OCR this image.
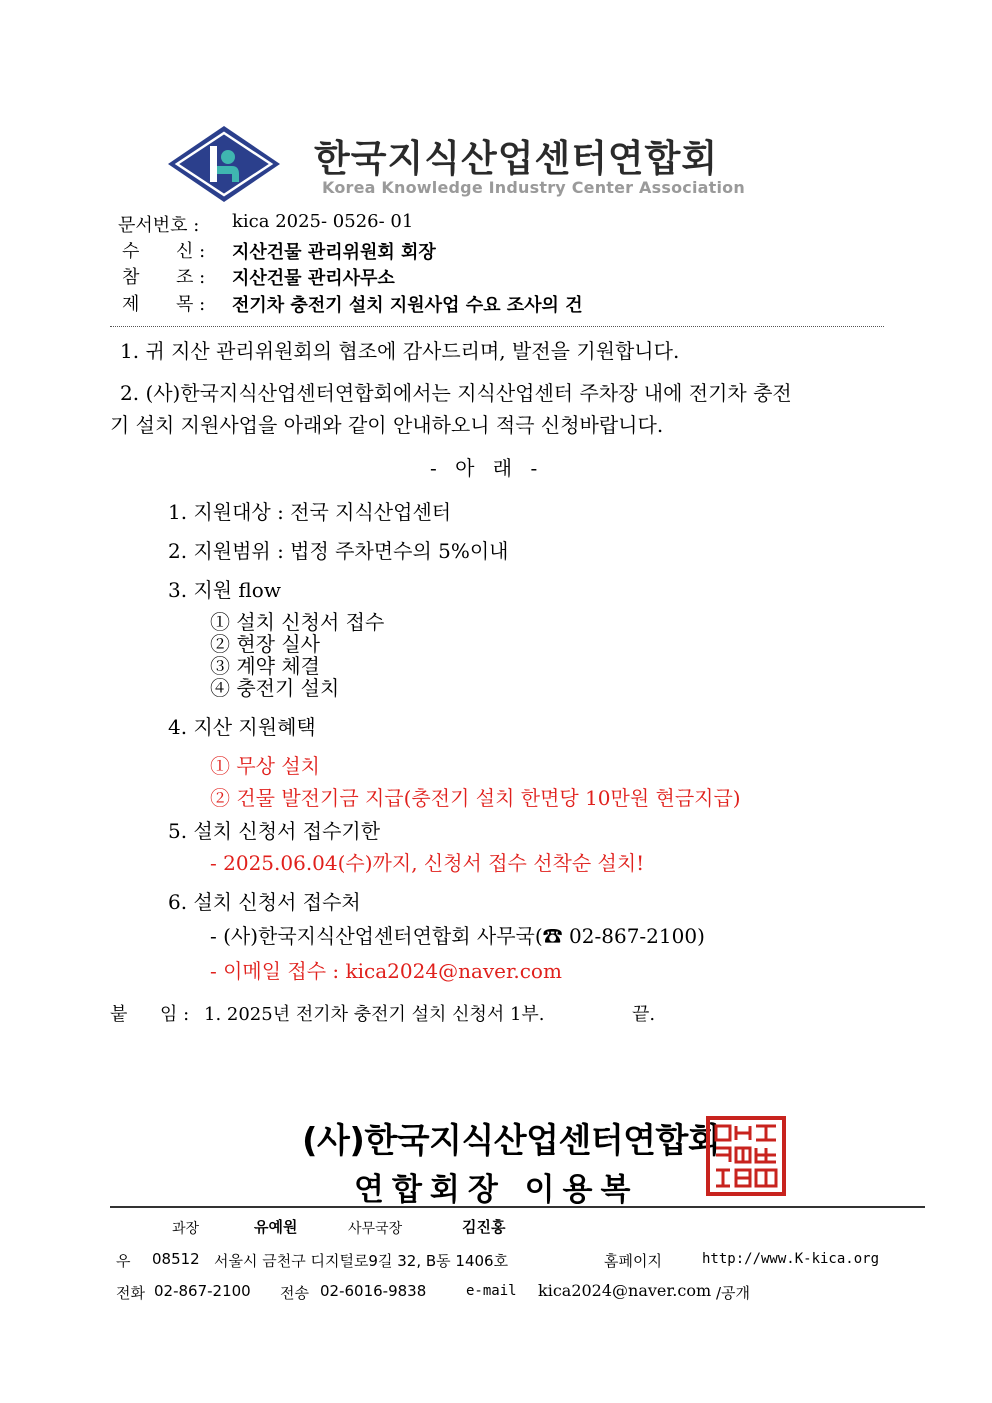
한국지식산업센터연합회
Korea Knowledge Industry Center Association
문서번호 : kica 2025- 0526- 01
수 신 : 지산건물 관리위원회 회장
참 조 : 지산건물 관리사무소
제 목 : 전기차 충전기 설치 지원사업 수요 조사의 건
1. 귀 지산 관리위원회의 협조에 감사드리며, 발전을 기원합니다.
2. (사)한국지식산업센터연합회에서는 지식산업센터 주차장 내에 전기차 충전
기 설치 지원사업을 아래와 같이 안내하오니 적극 신청바랍니다.
- 아 래 -
1. 지원대상 : 전국 지식산업센터
2. 지원범위 : 법정 주차면수의 5%이내
3. 지원 flow
① 설치 신청서 접수
② 현장 실사
③ 계약 체결
④ 충전기 설치
4. 지산 지원혜택
① 무상 설치
② 건물 발전기금 지급(충전기 설치 한면당 10만원 현금지급)
5. 설치 신청서 접수기한
- 2025.06.04(수)까지, 신청서 접수 선착순 설치!
6. 설치 신청서 접수처
- (사)한국지식산업센터연합회 사무국(☎ 02-867-2100)
- 이메일 접수 : kica2024@naver.com
붙 임 : 1. 2025년 전기차 충전기 설치 신청서 1부.	끝.
(사)한국지식산업센터연합회
연합회장 이용복
과장	유예원	사무국장	김진홍
우 08512 서울시 금천구 디지털로9길 32, B동 1406호	홈페이지	http://www.K-kica.org
전화 02-867-2100 전송 02-6016-9838	e-mail kica2024@naver.com /공개
